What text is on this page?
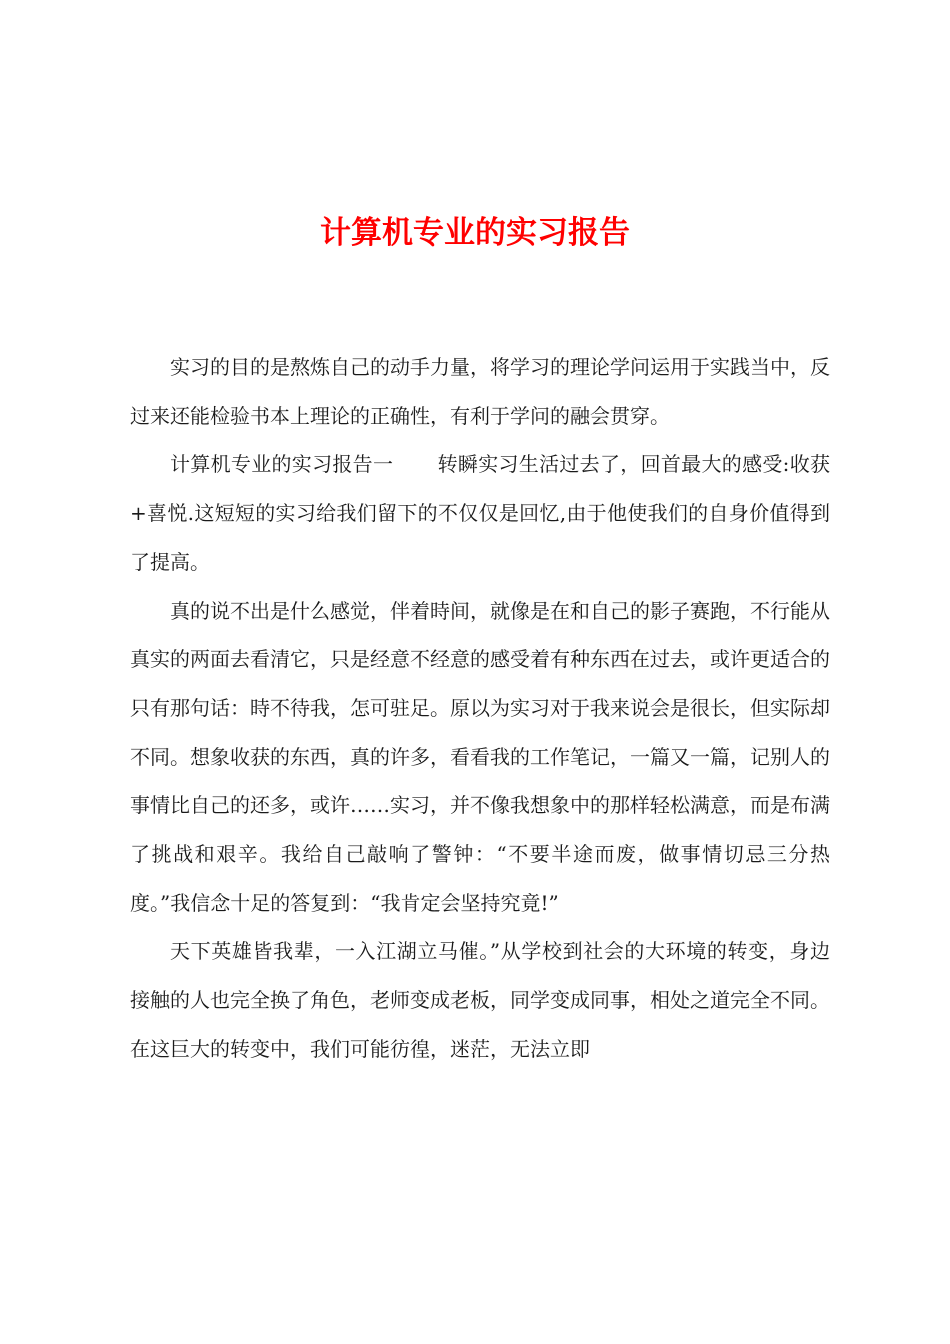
计算机专业的实习报告

实习的目的是熬炼自己的动手力量，将学习的理论学问运用于实践当中，反过来还能检验书本上理论的正确性，有利于学问的融会贯穿。

计算机专业的实习报告一 转瞬实习生活过去了，回首最大的感受:收获+喜悦.这短短的实习给我们留下的不仅仅是回忆,由于他使我们的自身价值得到了提高。

真的说不出是什么感觉，伴着時间，就像是在和自己的影子赛跑，不行能从真实的两面去看清它，只是经意不经意的感受着有种东西在过去，或许更适合的只有那句话：時不待我，怎可驻足。原以为实习对于我来说会是很长，但实际却不同。想象收获的东西，真的许多，看看我的工作笔记，一篇又一篇，记别人的事情比自己的还多，或许……实习，并不像我想象中的那样轻松满意，而是布满了挑战和艰辛。我给自己敲响了警钟：“不要半途而废，做事情切忌三分热度。”我信念十足的答复到：“我肯定会坚持究竟!”

天下英雄皆我辈，一入江湖立马催。”从学校到社会的大环境的转变，身边接触的人也完全换了角色，老师变成老板，同学变成同事，相处之道完全不同。在这巨大的转变中，我们可能彷徨，迷茫，无法立即
